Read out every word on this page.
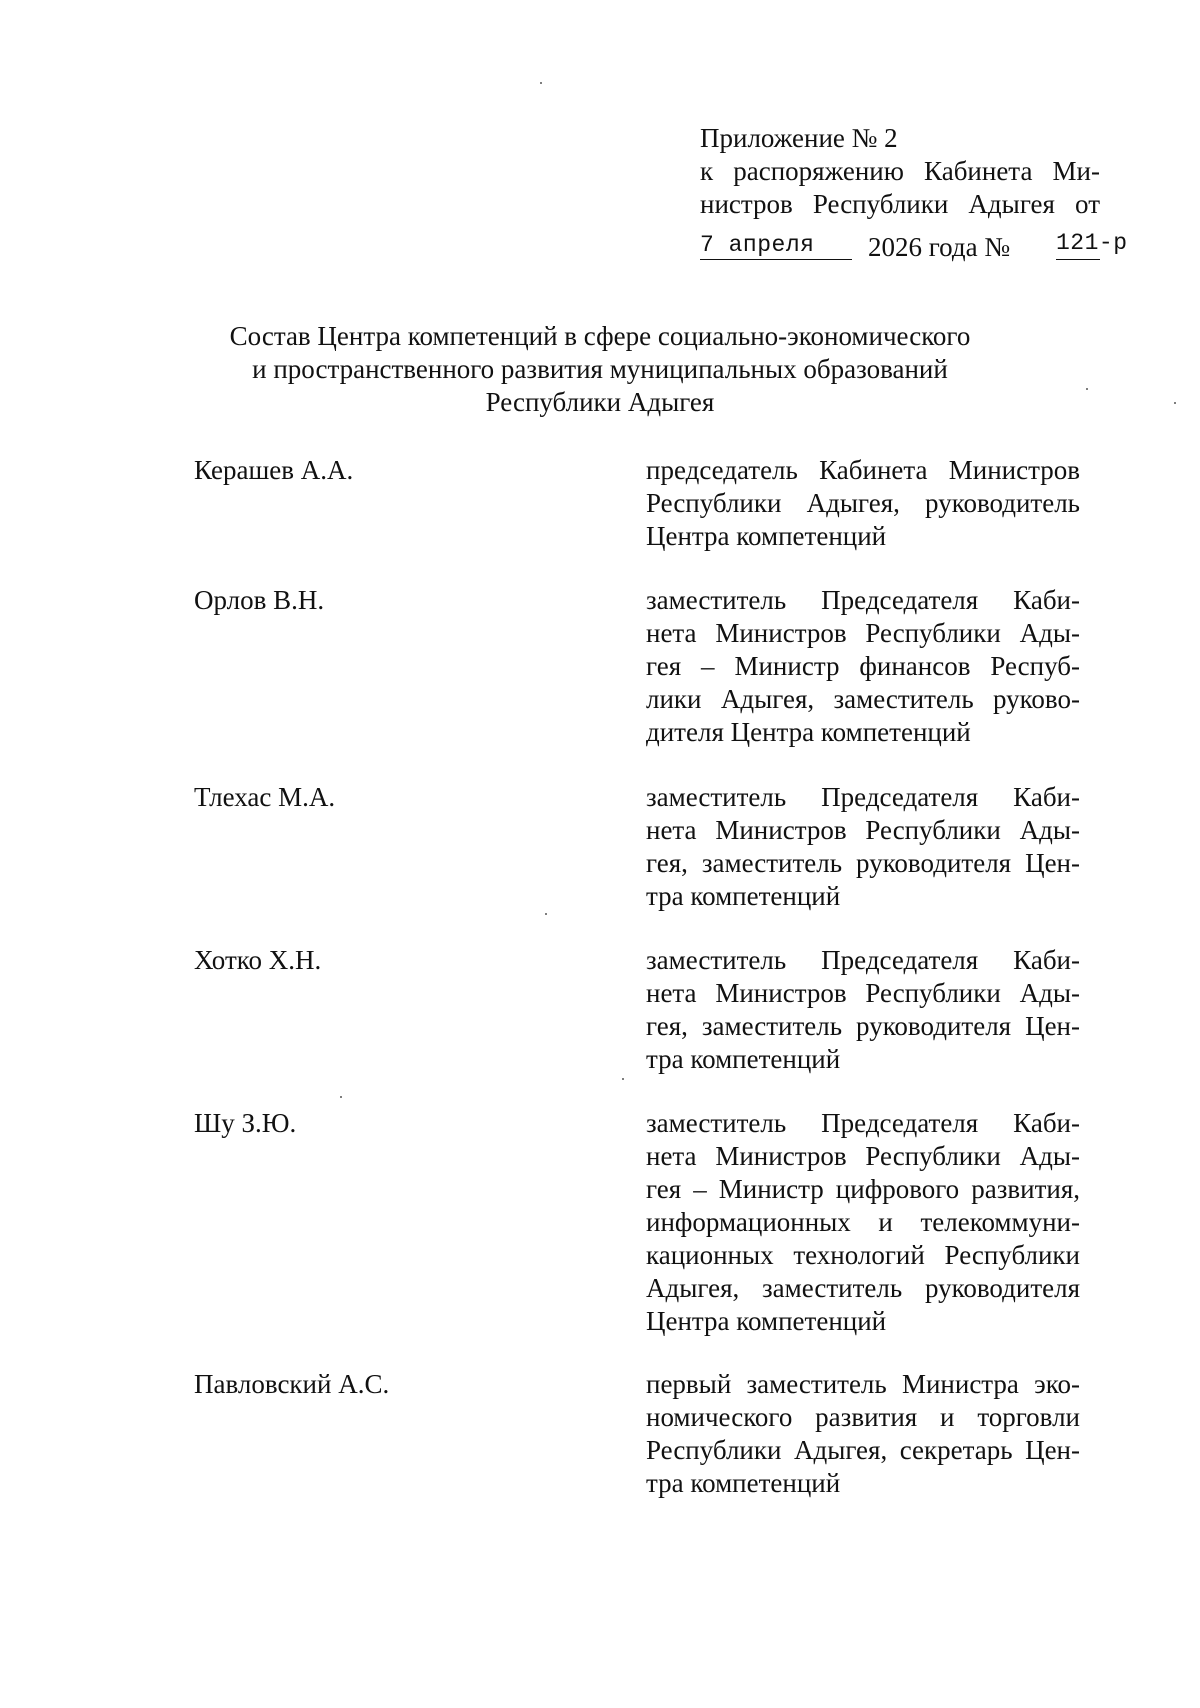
Приложение № 2
к распоряжению Кабинета Ми-
нистров Республики Адыгея от
7 апреля 2026 года № 121-р
Состав Центра компетенций в сфере социально-экономического
и пространственного развития муниципальных образований
Республики Адыгея
Керашев А.А.	председатель Кабинета Министров
Республики Адыгея, руководитель
Центра компетенций
Орлов В.Н.	заместитель Председателя Каби-
нета Министров Республики Ады-
гея – Министр финансов Респуб-
лики Адыгея, заместитель руково-
дителя Центра компетенций
Тлехас М.А.	заместитель Председателя Каби-
нета Министров Республики Ады-
гея, заместитель руководителя Цен-
тра компетенций
Хотко Х.Н.	заместитель Председателя Каби-
нета Министров Республики Ады-
гея, заместитель руководителя Цен-
тра компетенций
Шу З.Ю.	заместитель Председателя Каби-
нета Министров Республики Ады-
гея – Министр цифрового развития,
информационных и телекоммуни-
кационных технологий Республики
Адыгея, заместитель руководителя
Центра компетенций
Павловский А.С.	первый заместитель Министра эко-
номического развития и торговли
Республики Адыгея, секретарь Цен-
тра компетенций
